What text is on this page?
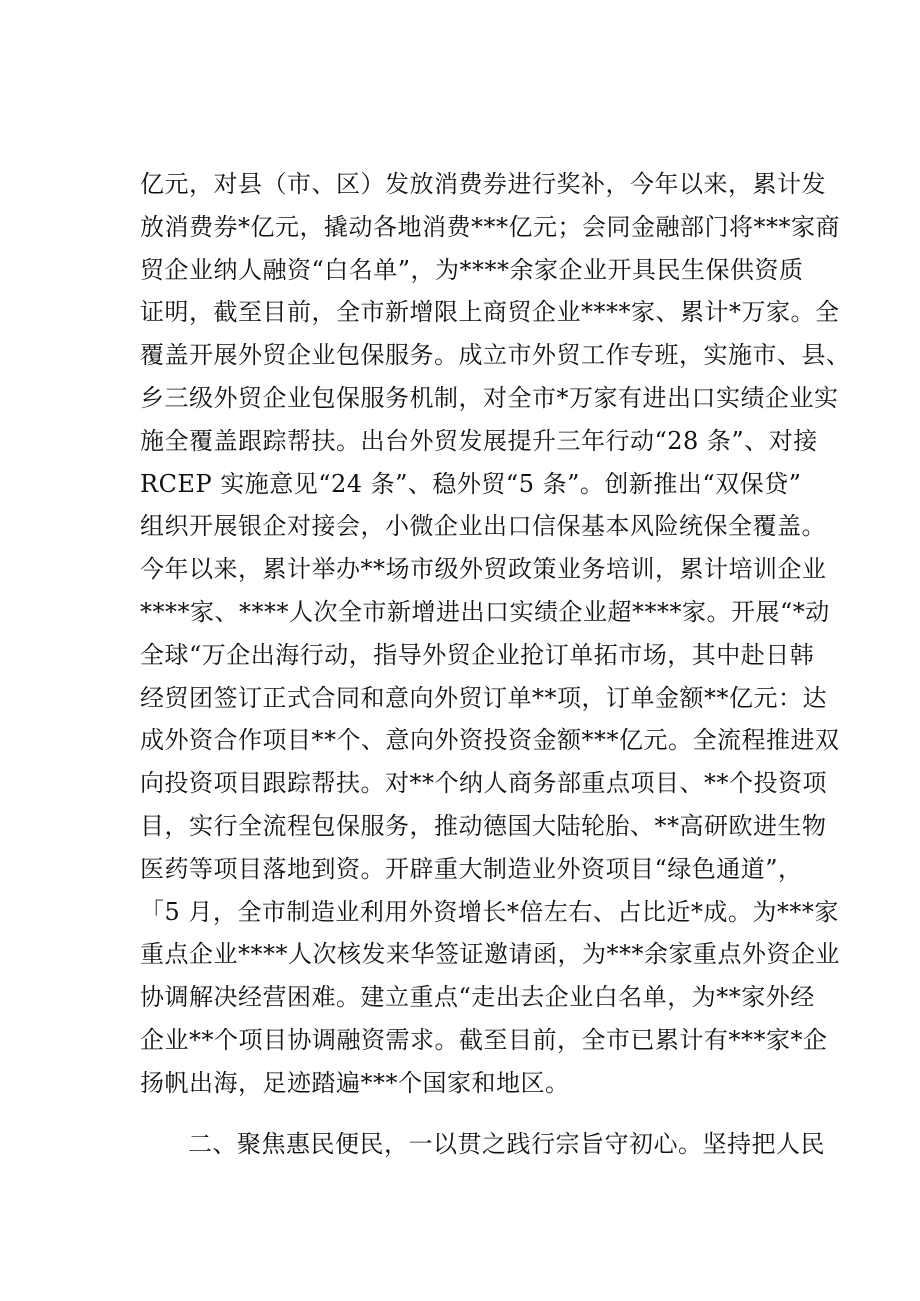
亿元，对县（市、区）发放消费券进行奖补，今年以来，累计发
放消费券*亿元，撬动各地消费***亿元；会同金融部门将***家商
贸企业纳人融资“白名单”，为****余家企业开具民生保供资质
证明，截至目前，全市新增限上商贸企业****家、累计*万家。全
覆盖开展外贸企业包保服务。成立市外贸工作专班，实施市、县、
乡三级外贸企业包保服务机制，对全市*万家有进出口实绩企业实
施全覆盖跟踪帮扶。出台外贸发展提升三年行动“28 条”、对接
RCEP 实施意见“24 条”、稳外贸“5 条”。创新推出“双保贷”
组织开展银企对接会，小微企业出口信保基本风险统保全覆盖。
今年以来，累计举办**场市级外贸政策业务培训，累计培训企业
****家、****人次全市新增进出口实绩企业超****家。开展“*动
全球“万企出海行动，指导外贸企业抢订单拓市场，其中赴日韩
经贸团签订正式合同和意向外贸订单**项，订单金额**亿元：达
成外资合作项目**个、意向外资投资金额***亿元。全流程推进双
向投资项目跟踪帮扶。对**个纳人商务部重点项目、**个投资项
目，实行全流程包保服务，推动德国大陆轮胎、**高研欧进生物
医药等项目落地到资。开辟重大制造业外资项目“绿色通道”，
「5 月，全市制造业利用外资增长*倍左右、占比近*成。为***家
重点企业****人次核发来华签证邀请函，为***余家重点外资企业
协调解决经营困难。建立重点“走出去企业白名单，为**家外经
企业**个项目协调融资需求。截至目前，全市已累计有***家*企
扬帆出海，足迹踏遍***个国家和地区。
二、聚焦惠民便民，一以贯之践行宗旨守初心。坚持把人民
